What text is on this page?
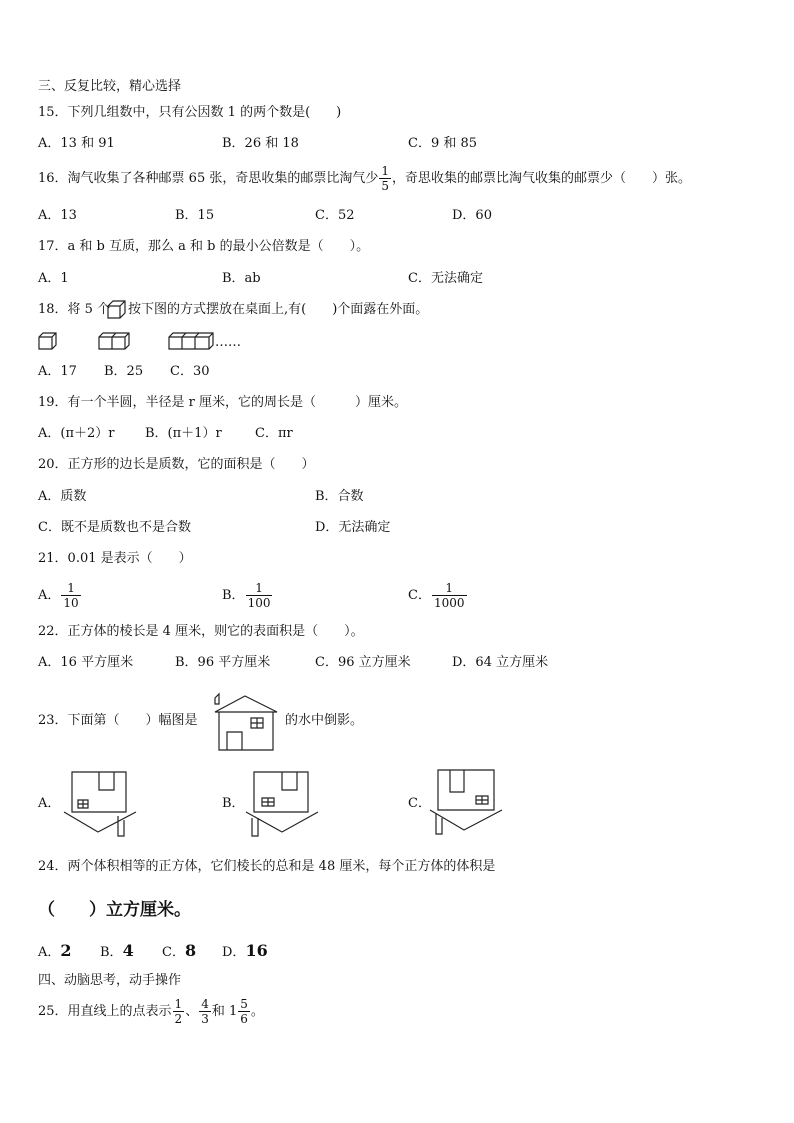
三、反复比较，精心选择
15．下列几组数中，只有公因数 1 的两个数是(　　)
A．13 和 91	B．26 和 18	C．9 和 85
16．淘气收集了各种邮票 65 张，奇思收集的邮票比淘气少 $\frac{1}{5}$ ，奇思收集的邮票比淘气收集的邮票少（　　）张。
A．13	B．15	C．52	D．60
17．a 和 b 互质，那么 a 和 b 的最小公倍数是（　　）。
A．1	B．ab	C．无法确定
18．将 5 个 按下图的方式摆放在桌面上,有(　　)个面露在外面。
……
A．17 B．25 C．30
19．有一个半圆，半径是 r 厘米，它的周长是（　　　）厘米。
A．(π＋2）r B．(π＋1）r	C．πr
20．正方形的边长是质数，它的面积是（　　）
A．质数	B．合数
C．既不是质数也不是合数	D．无法确定
21．0.01 是表示（　　）
A． $\frac{1}{10}$	B． $\frac{1}{100}$	C． $\frac{1}{1000}$
22．正方体的棱长是 4 厘米，则它的表面积是（　　）。
A．16 平方厘米	B．96 平方厘米	C．96 立方厘米	D．64 立方厘米
23．下面第（　　）幅图是	的水中倒影。
A．	B．	C．
24．两个体积相等的正方体，它们棱长的总和是 48 厘米，每个正方体的体积是
（　　）立方厘米。
A．2 B．4 C．8 D．16
四、动脑思考，动手操作
25．用直线上的点表示 $\frac{1}{2}$ 、 $\frac{4}{3}$ 和 $1 \frac{5}{6}$ 。
